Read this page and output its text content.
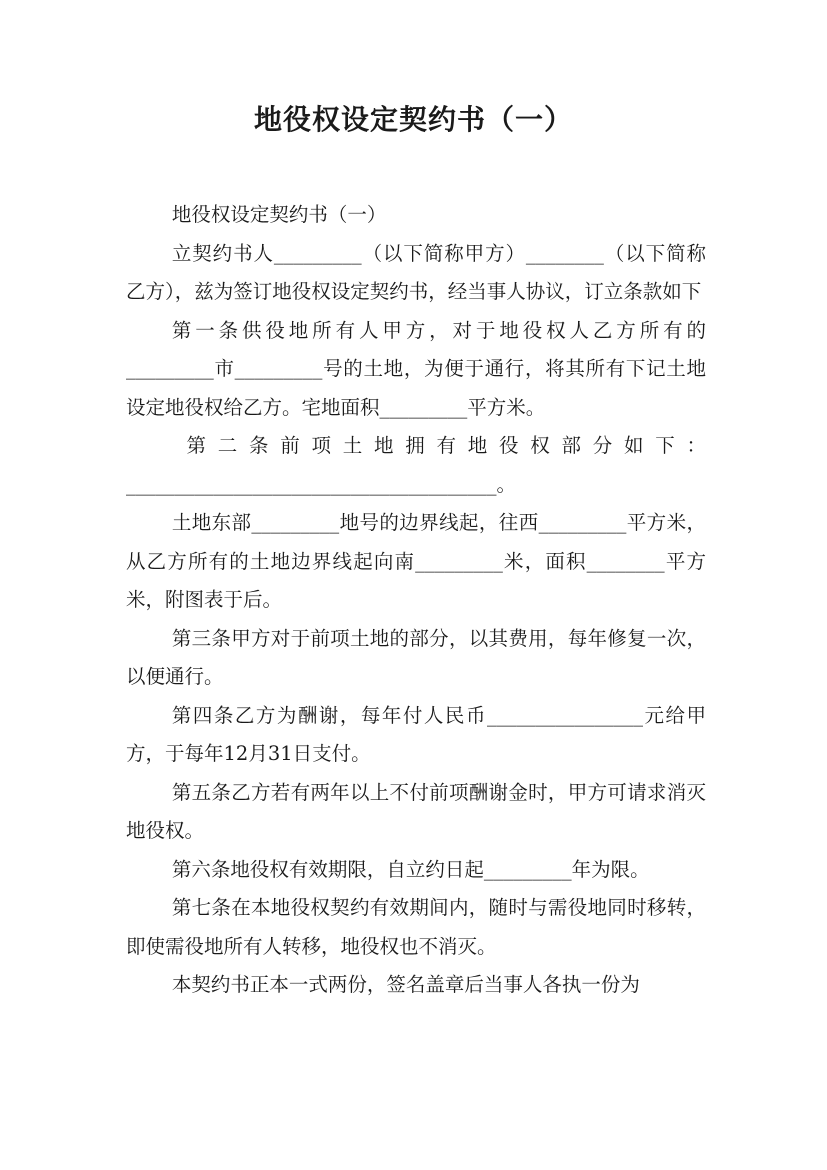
地役权设定契约书（一）

地役权设定契约书（一）

立契约书人_________（以下简称甲方）________（以下简称乙方），兹为签订地役权设定契约书，经当事人协议，订立条款如下

第一条供役地所有人甲方，对于地役权人乙方所有的_________市_________号的土地，为便于通行，将其所有下记土地设定地役权给乙方。宅地面积_________平方米。

第 二 条 前 项 土 地 拥 有 地 役 权 部 分 如 下 ：______________________________________。

土地东部_________地号的边界线起，往西_________平方米，从乙方所有的土地边界线起向南_________米，面积________平方米，附图表于后。

第三条甲方对于前项土地的部分，以其费用，每年修复一次，以便通行。

第四条乙方为酬谢，每年付人民币________________元给甲方，于每年12月31日支付。

第五条乙方若有两年以上不付前项酬谢金时，甲方可请求消灭地役权。

第六条地役权有效期限，自立约日起_________年为限。

第七条在本地役权契约有效期间内，随时与需役地同时移转，即使需役地所有人转移，地役权也不消灭。

本契约书正本一式两份，签名盖章后当事人各执一份为
